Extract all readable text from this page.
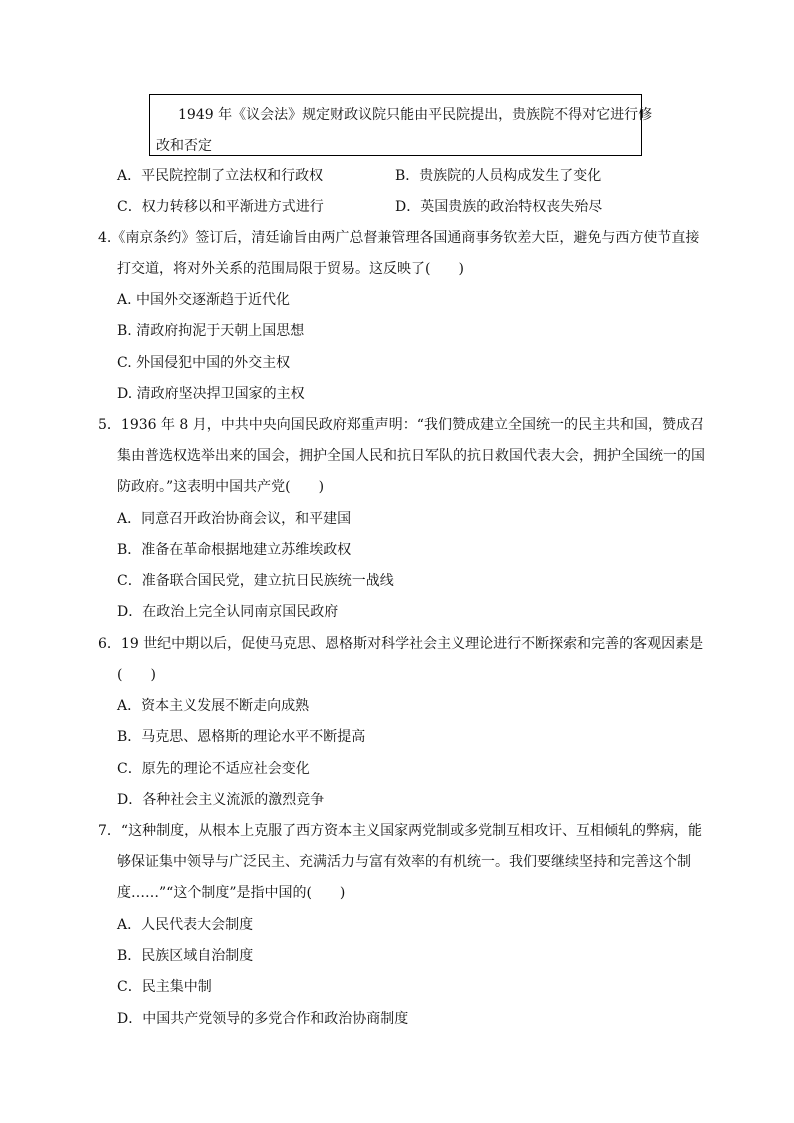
1949 年《议会法》规定财政议院只能由平民院提出，贵族院不得对它进行修
改和否定
A．平民院控制了立法权和行政权	B．贵族院的人员构成发生了变化
C．权力转移以和平渐进方式进行	D．英国贵族的政治特权丧失殆尽
4.《南京条约》签订后，清廷谕旨由两广总督兼管理各国通商事务钦差大臣，避免与西方使节直接
打交道，将对外关系的范围局限于贸易。这反映了(　　)
A. 中国外交逐渐趋于近代化
B. 清政府拘泥于天朝上国思想
C. 外国侵犯中国的外交主权
D. 清政府坚决捍卫国家的主权
5．1936 年 8 月，中共中央向国民政府郑重声明：“我们赞成建立全国统一的民主共和国，赞成召
集由普选权选举出来的国会，拥护全国人民和抗日军队的抗日救国代表大会，拥护全国统一的国
防政府。”这表明中国共产党(　　)
A．同意召开政治协商会议，和平建国
B．准备在革命根据地建立苏维埃政权
C．准备联合国民党，建立抗日民族统一战线
D．在政治上完全认同南京国民政府
6．19 世纪中期以后，促使马克思、恩格斯对科学社会主义理论进行不断探索和完善的客观因素是
(　　)
A．资本主义发展不断走向成熟
B．马克思、恩格斯的理论水平不断提高
C．原先的理论不适应社会变化
D．各种社会主义流派的激烈竞争
7．“这种制度，从根本上克服了西方资本主义国家两党制或多党制互相攻讦、互相倾轧的弊病，能
够保证集中领导与广泛民主、充满活力与富有效率的有机统一。我们要继续坚持和完善这个制
度……”“这个制度”是指中国的(　　)
A．人民代表大会制度
B．民族区域自治制度
C．民主集中制
D．中国共产党领导的多党合作和政治协商制度
